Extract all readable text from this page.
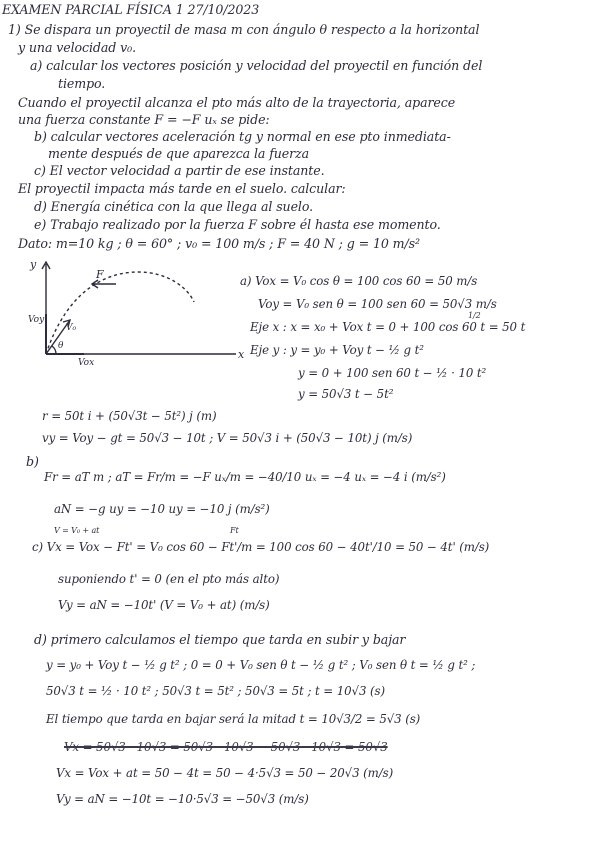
EXAMEN PARCIAL FÍSICA 1 27/10/2023
1) Se dispara un proyectil de masa m con ángulo θ respecto a la horizontal
y una velocidad v₀.
a) calcular los vectores posición y velocidad del proyectil en función del
tiempo.
Cuando el proyectil alcanza el pto más alto de la trayectoria, aparece
una fuerza constante F = −F uₓ se pide:
b) calcular vectores aceleración tg y normal en ese pto inmediata-
mente después de que aparezca la fuerza
c) El vector velocidad a partir de ese instante.
El proyectil impacta más tarde en el suelo. calcular:
d) Energía cinética con la que llega al suelo.
e) Trabajo realizado por la fuerza F sobre él hasta ese momento.
Dato: m=10 kg ; θ = 60° ; v₀ = 100 m/s ; F = 40 N ; g = 10 m/s²
y
x
F
Voy
V₀
θ
Vox
a) Vox = V₀ cos θ = 100 cos 60 = 50 m/s
Voy = V₀ sen θ = 100 sen 60 = 50√3 m/s
1/2
Eje x : x = x₀ + Vox t = 0 + 100 cos 60 t = 50 t
Eje y : y = y₀ + Voy t − ½ g t²
y = 0 + 100 sen 60 t − ½ · 10 t²
y = 50√3 t − 5t²
r = 50t i + (50√3t − 5t²) j (m)
vy = Voy − gt = 50√3 − 10t ; V = 50√3 i + (50√3 − 10t) j (m/s)
b)
Fr = aT m ; aT = Fr/m = −F uₓ/m = −40/10 uₓ = −4 uₓ = −4 i (m/s²)
aN = −g uy = −10 uy = −10 j (m/s²)
V = V₀ + at	Ft
c) Vx = Vox − Ft' = V₀ cos 60 − Ft'/m = 100 cos 60 − 40t'/10 = 50 − 4t' (m/s)
suponiendo t' = 0 (en el pto más alto)
Vy = aN = −10t' (V = V₀ + at) (m/s)
d) primero calculamos el tiempo que tarda en subir y bajar
y = y₀ + Voy t − ½ g t² ; 0 = 0 + V₀ sen θ t − ½ g t² ; V₀ sen θ t = ½ g t² ;
50√3 t = ½ · 10 t² ; 50√3 t = 5t² ; 50√3 = 5t ; t = 10√3 (s)
El tiempo que tarda en bajar será la mitad t = 10√3/2 = 5√3 (s)
Vx = 50√3 · 10√3 = 50√3 · 10√3 − 50√3 · 10√3 = 50√3
Vx = Vox + at = 50 − 4t = 50 − 4·5√3 = 50 − 20√3 (m/s)
Vy = aN = −10t = −10·5√3 = −50√3 (m/s)
